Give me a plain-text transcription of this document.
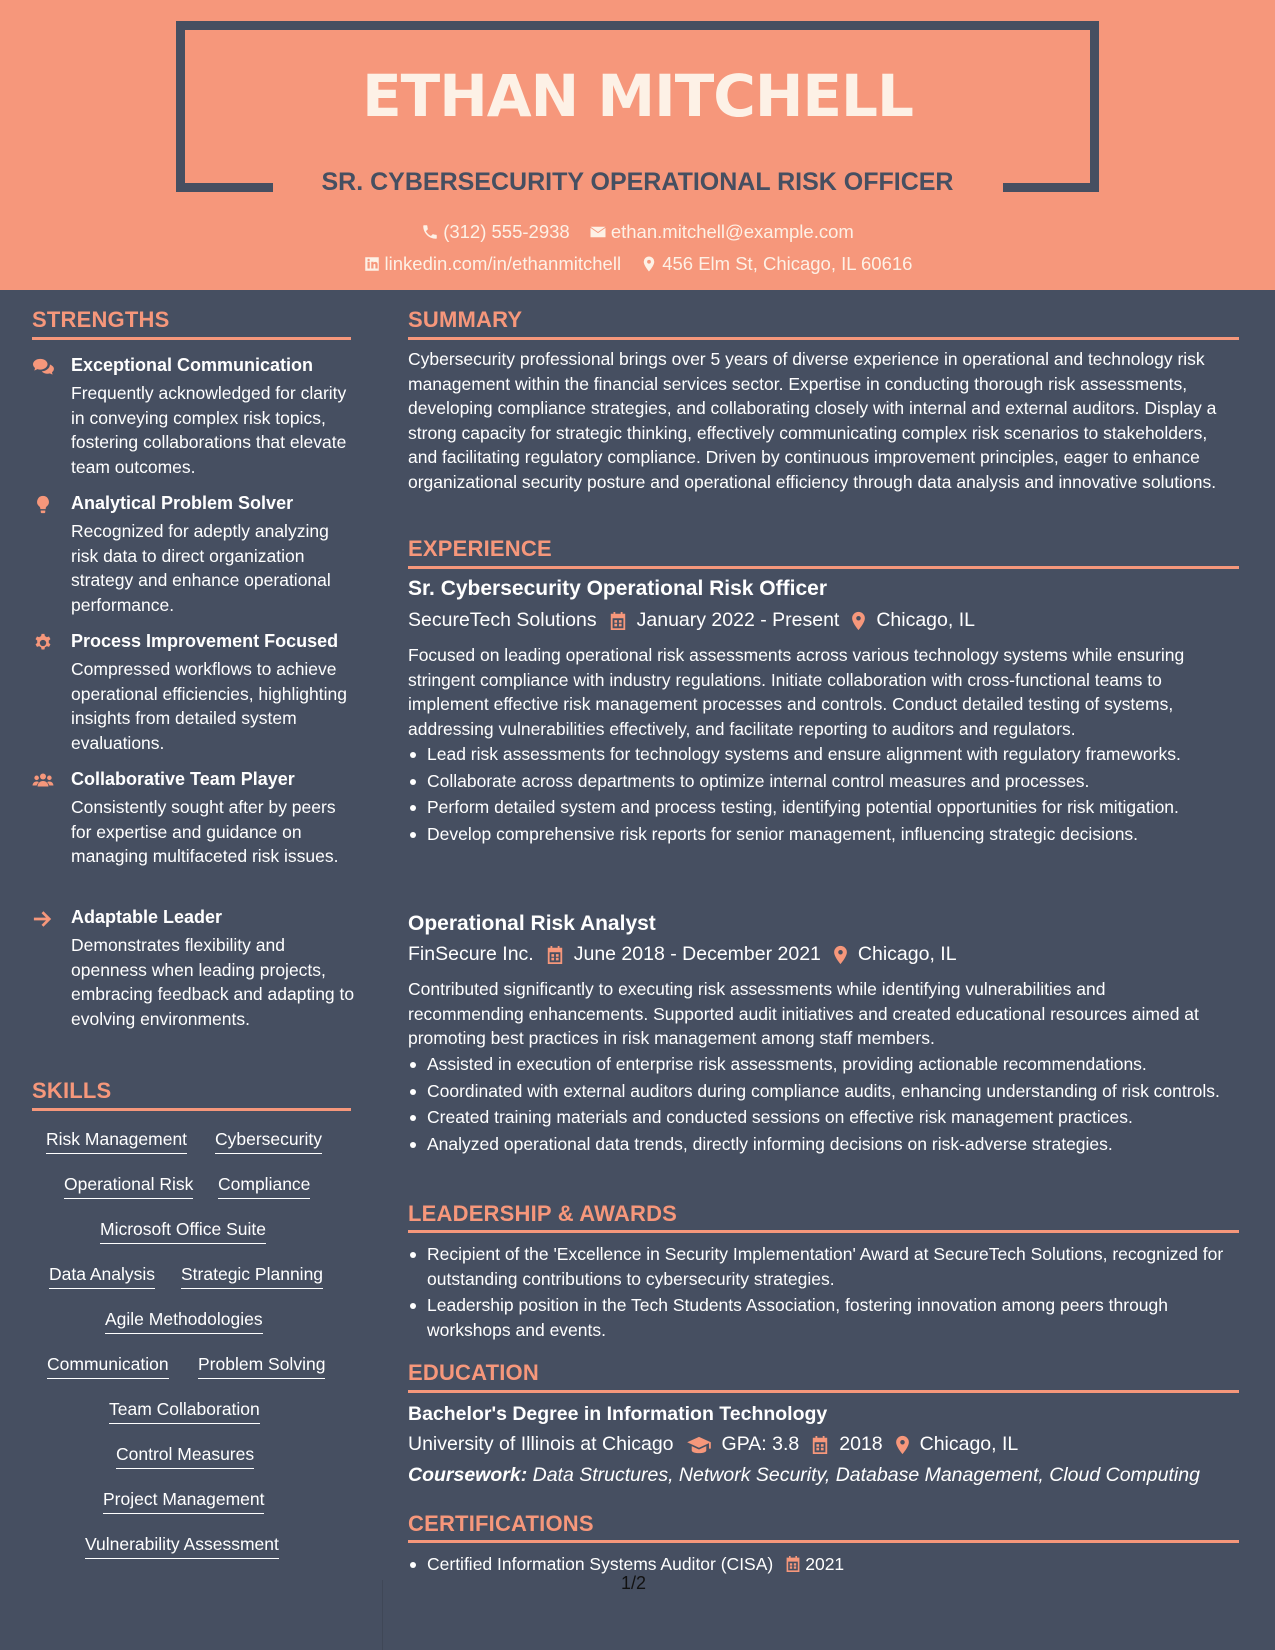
ETHAN MITCHELL
SR. CYBERSECURITY OPERATIONAL RISK OFFICER
(312) 555-2938
ethan.mitchell@example.com
linkedin.com/in/ethanmitchell
456 Elm St, Chicago, IL 60616
STRENGTHS
Exceptional Communication
Frequently acknowledged for clarity in conveying complex risk topics, fostering collaborations that elevate team outcomes.
Analytical Problem Solver
Recognized for adeptly analyzing risk data to direct organization strategy and enhance operational performance.
Process Improvement Focused
Compressed workflows to achieve operational efficiencies, highlighting insights from detailed system evaluations.
Collaborative Team Player
Consistently sought after by peers for expertise and guidance on managing multifaceted risk issues.
Adaptable Leader
Demonstrates flexibility and openness when leading projects, embracing feedback and adapting to evolving environments.
SKILLS
Risk Management Cybersecurity
Operational Risk Compliance
Microsoft Office Suite
Data Analysis Strategic Planning
Agile Methodologies
Communication Problem Solving
Team Collaboration
Control Measures
Project Management
Vulnerability Assessment
SUMMARY
Cybersecurity professional brings over 5 years of diverse experience in operational and technology risk management within the financial services sector. Expertise in conducting thorough risk assessments, developing compliance strategies, and collaborating closely with internal and external auditors. Display a strong capacity for strategic thinking, effectively communicating complex risk scenarios to stakeholders, and facilitating regulatory compliance. Driven by continuous improvement principles, eager to enhance organizational security posture and operational efficiency through data analysis and innovative solutions.
EXPERIENCE
Sr. Cybersecurity Operational Risk Officer
SecureTech Solutions January 2022 - Present Chicago, IL
Focused on leading operational risk assessments across various technology systems while ensuring stringent compliance with industry regulations. Initiate collaboration with cross-functional teams to implement effective risk management processes and controls. Conduct detailed testing of systems, addressing vulnerabilities effectively, and facilitate reporting to auditors and regulators.
Lead risk assessments for technology systems and ensure alignment with regulatory frameworks.
Collaborate across departments to optimize internal control measures and processes.
Perform detailed system and process testing, identifying potential opportunities for risk mitigation.
Develop comprehensive risk reports for senior management, influencing strategic decisions.
Operational Risk Analyst
FinSecure Inc. June 2018 - December 2021 Chicago, IL
Contributed significantly to executing risk assessments while identifying vulnerabilities and recommending enhancements. Supported audit initiatives and created educational resources aimed at promoting best practices in risk management among staff members.
Assisted in execution of enterprise risk assessments, providing actionable recommendations.
Coordinated with external auditors during compliance audits, enhancing understanding of risk controls.
Created training materials and conducted sessions on effective risk management practices.
Analyzed operational data trends, directly informing decisions on risk-adverse strategies.
LEADERSHIP & AWARDS
Recipient of the 'Excellence in Security Implementation' Award at SecureTech Solutions, recognized for outstanding contributions to cybersecurity strategies.
Leadership position in the Tech Students Association, fostering innovation among peers through workshops and events.
EDUCATION
Bachelor's Degree in Information Technology
University of Illinois at Chicago GPA: 3.8 2018 Chicago, IL
Coursework: Data Structures, Network Security, Database Management, Cloud Computing
CERTIFICATIONS
Certified Information Systems Auditor (CISA) 2021
1/2
